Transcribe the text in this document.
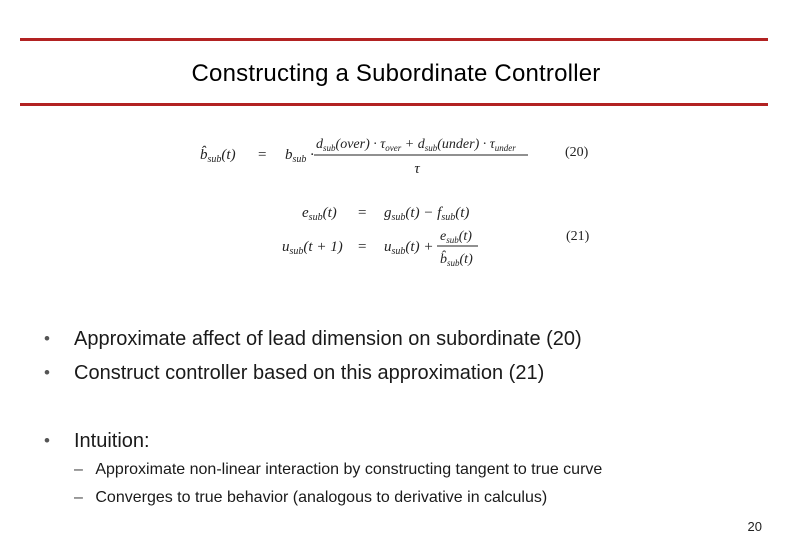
Constructing a Subordinate Controller
$b̂_{sub}(t) = b_{sub}$ ·
$d_{sub}(over) \cdot \tau_{over}$ + $d_{sub}(under) \cdot \tau_{under}$
τ
(20)
$e_{sub}(t) = g_{sub}(t) - f_{sub}(t)$
$u_{sub}(t + 1) = u_{sub}(t)$ +
$e_{sub}(t)$
$b̂_{sub}(t)$
(21)
• Approximate affect of lead dimension on subordinate (20)
• Construct controller based on this approximation (21)
• Intuition:
– Approximate non-linear interaction by constructing tangent to true curve
– Converges to true behavior (analogous to derivative in calculus)
20
